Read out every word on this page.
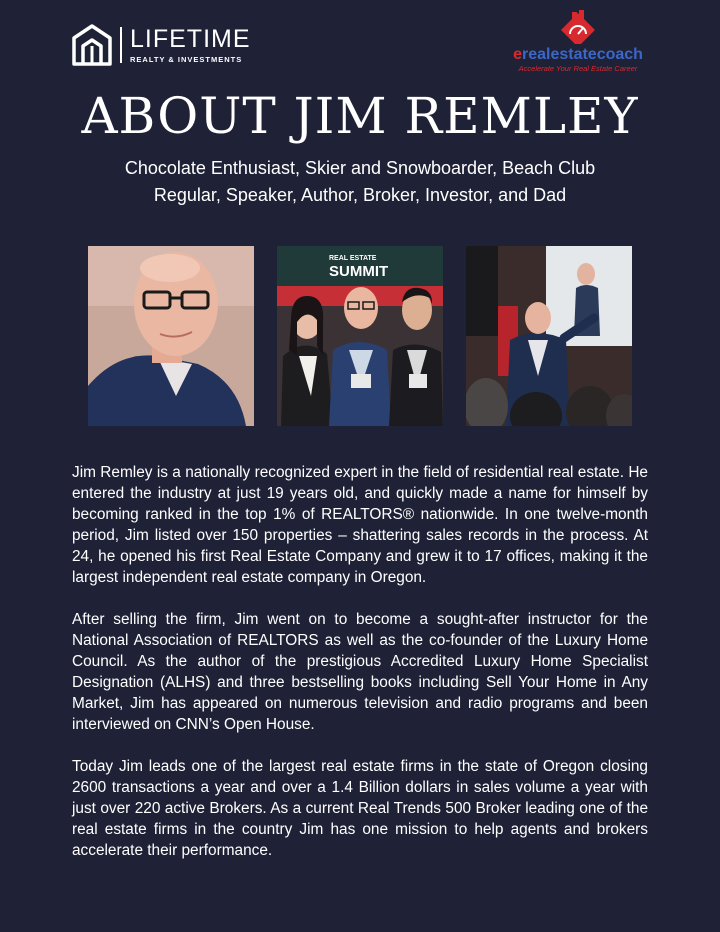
LIFETIME
REALTY & INVESTMENTS	erealestatecoach
Accelerate Your Real Estate Career
ABOUT JIM REMLEY
Chocolate Enthusiast, Skier and Snowboarder, Beach Club Regular, Speaker, Author, Broker, Investor, and Dad
REAL ESTATE
SUMMIT

Jim Remley is a nationally recognized expert in the field of residential real estate. He entered the industry at just 19 years old, and quickly made a name for himself by becoming ranked in the top 1% of REALTORS® nationwide. In one twelve-month period, Jim listed over 150 properties – shattering sales records in the process. At 24, he opened his first Real Estate Company and grew it to 17 offices, making it the largest independent real estate company in Oregon.

After selling the firm, Jim went on to become a sought-after instructor for the National Association of REALTORS as well as the co-founder of the Luxury Home Council. As the author of the prestigious Accredited Luxury Home Specialist Designation (ALHS) and three bestselling books including Sell Your Home in Any Market, Jim has appeared on numerous television and radio programs and been interviewed on CNN’s Open House.

Today Jim leads one of the largest real estate firms in the state of Oregon closing 2600 transactions a year and over a 1.4 Billion dollars in sales volume a year with just over 220 active Brokers. As a current Real Trends 500 Broker leading one of the real estate firms in the country Jim has one mission to help agents and brokers accelerate their performance.
